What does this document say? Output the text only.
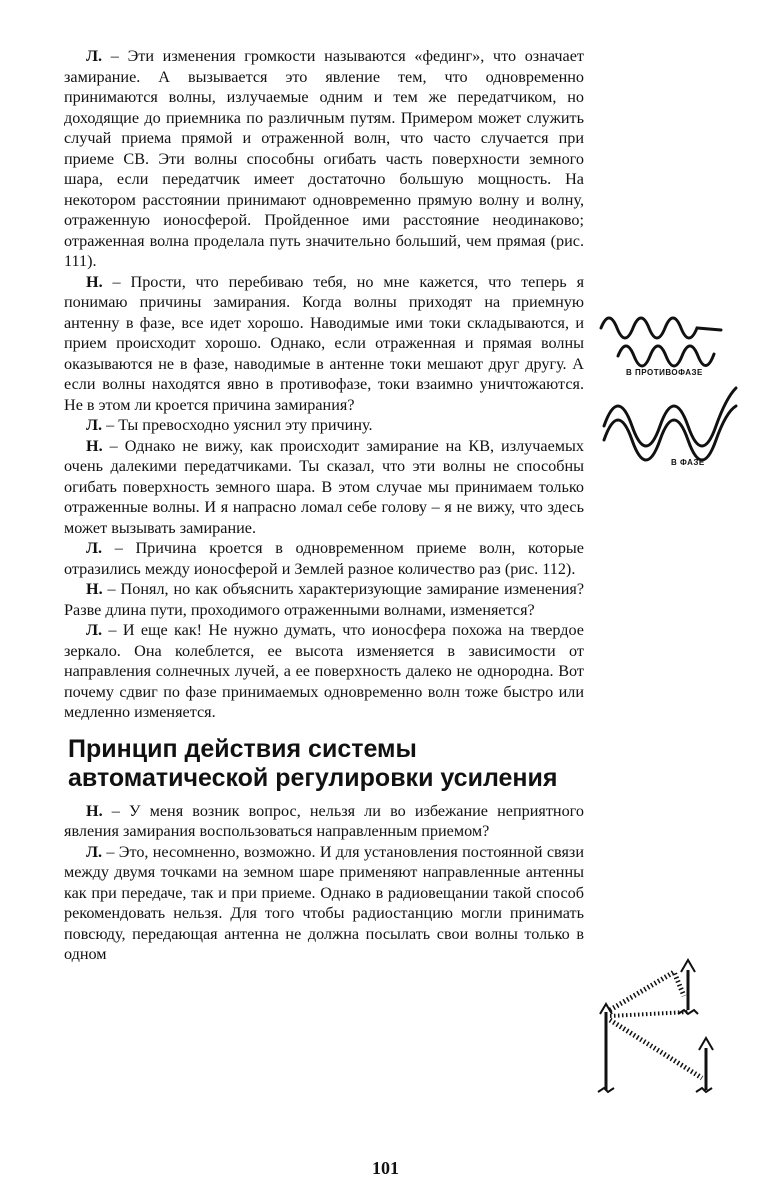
Л. – Эти изменения громкости называются «фединг», что означает замирание. А вызывается это явление тем, что одновременно принимаются волны, излучаемые одним и тем же передатчиком, но доходящие до приемника по различным путям. Примером может служить случай приема прямой и отраженной волн, что часто случается при приеме СВ. Эти волны способны огибать часть поверхности земного шара, если передатчик имеет достаточно большую мощность. На некотором расстоянии принимают одновременно прямую волну и волну, отраженную ионосферой. Пройденное ими расстояние неодинаково; отраженная волна проделала путь значительно больший, чем прямая (рис. 111).

Н. – Прости, что перебиваю тебя, но мне кажется, что теперь я понимаю причины замирания. Когда волны приходят на приемную антенну в фазе, все идет хорошо. Наводимые ими токи складываются, и прием происходит хорошо. Однако, если отраженная и прямая волны оказываются не в фазе, наводимые в антенне токи мешают друг другу. А если волны находятся явно в противофазе, токи взаимно уничтожаются. Не в этом ли кроется причина замирания?

Л. – Ты превосходно уяснил эту причину.

Н. – Однако не вижу, как происходит замирание на КВ, излучаемых очень далекими передатчиками. Ты сказал, что эти волны не способны огибать поверхность земного шара. В этом случае мы принимаем только отраженные волны. И я напрасно ломал себе голову – я не вижу, что здесь может вызывать замирание.

Л. – Причина кроется в одновременном приеме волн, которые отразились между ионосферой и Землей разное количество раз (рис. 112).

Н. – Понял, но как объяснить характеризующие замирание изменения? Разве длина пути, проходимого отраженными волнами, изменяется?

Л. – И еще как! Не нужно думать, что ионосфера похожа на твердое зеркало. Она колеблется, ее высота изменяется в зависимости от направления солнечных лучей, а ее поверхность далеко не однородна. Вот почему сдвиг по фазе принимаемых одновременно волн тоже быстро или медленно изменяется.

Принцип действия системы автоматической регулировки усиления

Н. – У меня возник вопрос, нельзя ли во избежание неприятного явления замирания воспользоваться направленным приемом?

Л. – Это, несомненно, возможно. И для установления постоянной связи между двумя точками на земном шаре применяют направленные антенны как при передаче, так и при приеме. Однако в радиовещании такой способ рекомендовать нельзя. Для того чтобы радиостанцию могли принимать повсюду, передающая антенна не должна посылать свои волны только в одном

В ПРОТИВОФАЗЕ
В ФАЗЕ
101
